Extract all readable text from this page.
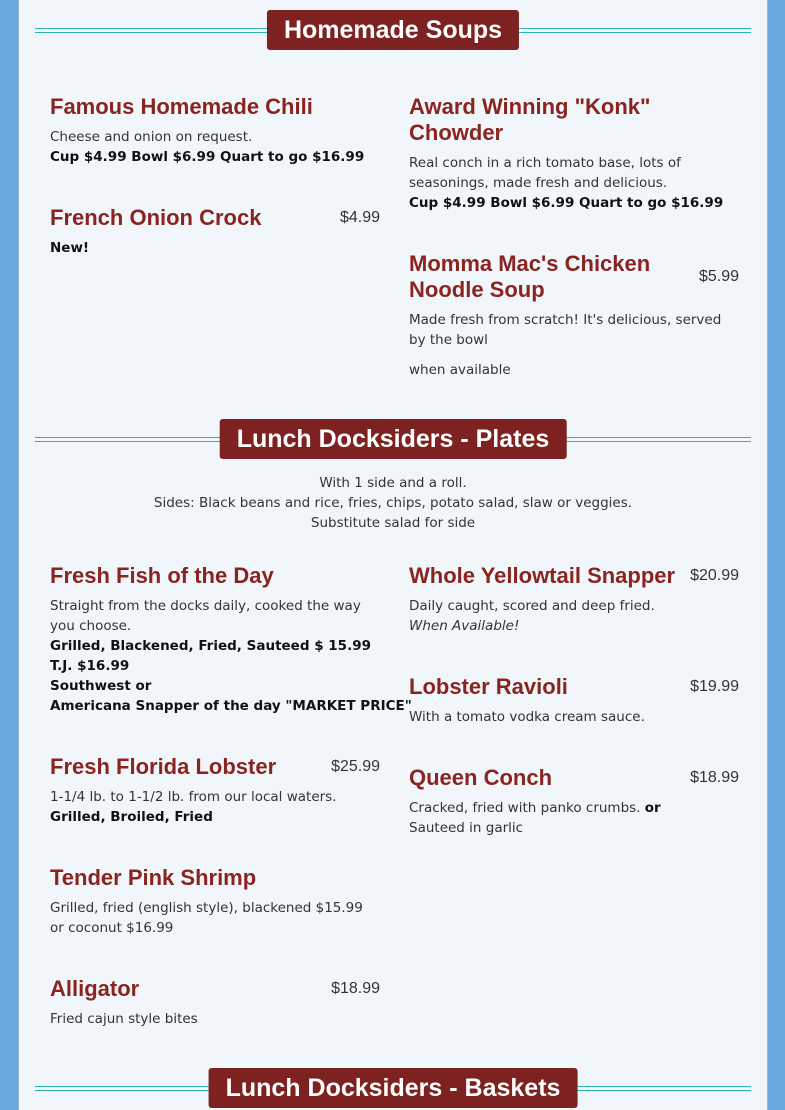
Homemade Soups
Famous Homemade Chili
Cheese and onion on request.
Cup $4.99 Bowl $6.99 Quart to go $16.99
French Onion Crock	$4.99
New!
Award Winning "Konk" Chowder
Real conch in a rich tomato base, lots of seasonings, made fresh and delicious.
Cup $4.99 Bowl $6.99 Quart to go $16.99
Momma Mac's Chicken Noodle Soup
$5.99
Made fresh from scratch! It's delicious, served by the bowl
when available
Lunch Docksiders - Plates
With 1 side and a roll.
Sides: Black beans and rice, fries, chips, potato salad, slaw or veggies.
Substitute salad for side
Fresh Fish of the Day
Straight from the docks daily, cooked the way you choose.
Grilled, Blackened, Fried, Sauteed $ 15.99 T.J. $16.99
Southwest or
Americana Snapper of the day "MARKET PRICE"
Fresh Florida Lobster	$25.99
1-1/4 lb. to 1-1/2 lb. from our local waters.
Grilled, Broiled, Fried
Tender Pink Shrimp
Grilled, fried (english style), blackened $15.99 or coconut $16.99
Alligator	$18.99
Fried cajun style bites
Whole Yellowtail Snapper $20.99
Daily caught, scored and deep fried.
When Available!
Lobster Ravioli	$19.99
With a tomato vodka cream sauce.
Queen Conch	$18.99
Cracked, fried with panko crumbs. or
Sauteed in garlic
Lunch Docksiders - Baskets
